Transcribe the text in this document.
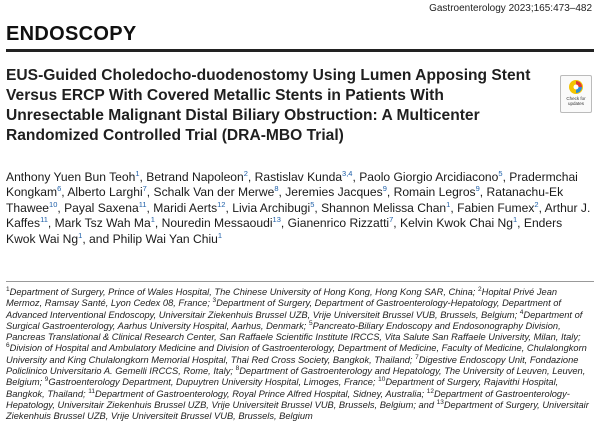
Gastroenterology 2023;165:473–482
ENDOSCOPY
EUS-Guided Choledocho-duodenostomy Using Lumen Apposing Stent Versus ERCP With Covered Metallic Stents in Patients With Unresectable Malignant Distal Biliary Obstruction: A Multicenter Randomized Controlled Trial (DRA-MBO Trial)
Check for updates
Anthony Yuen Bun Teoh$^1$, Betrand Napoleon$^2$, Rastislav Kunda$^{3,4}$, Paolo Giorgio Arcidiacono$^5$, Pradermchai Kongkam$^6$, Alberto Larghi$^7$, Schalk Van der Merwe$^8$, Jeremies Jacques$^9$, Romain Legros$^9$, Ratanachu-Ek Thawee$^{10}$, Payal Saxena$^{11}$, Maridi Aerts$^{12}$, Livia Archibugi$^5$, Shannon Melissa Chan$^1$, Fabien Fumex$^2$, Arthur J. Kaffes$^{11}$, Mark Tsz Wah Ma$^1$, Nouredin Messaoudi$^{13}$, Gianenrico Rizzatti$^7$, Kelvin Kwok Chai Ng$^1$, Enders Kwok Wai Ng$^1$, and Philip Wai Yan Chiu$^1$
$^1$Department of Surgery, Prince of Wales Hospital, The Chinese University of Hong Kong, Hong Kong SAR, China; $^2$Hopital Privé Jean Mermoz, Ramsay Santé, Lyon Cedex 08, France; $^3$Department of Surgery, Department of Gastroenterology-Hepatology, Department of Advanced Interventional Endoscopy, Universitair Ziekenhuis Brussel UZB, Vrije Universiteit Brussel VUB, Brussels, Belgium; $^4$Department of Surgical Gastroenterology, Aarhus University Hospital, Aarhus, Denmark; $^5$Pancreato-Biliary Endoscopy and Endosonography Division, Pancreas Translational & Clinical Research Center, San Raffaele Scientific Institute IRCCS, Vita Salute San Raffaele University, Milan, Italy; $^6$Division of Hospital and Ambulatory Medicine and Division of Gastroenterology, Department of Medicine, Faculty of Medicine, Chulalongkorn University and King Chulalongkorn Memorial Hospital, Thai Red Cross Society, Bangkok, Thailand; $^7$Digestive Endoscopy Unit, Fondazione Policlinico Universitario A. Gemelli IRCCS, Rome, Italy; $^8$Department of Gastroenterology and Hepatology, The University of Leuven, Leuven, Belgium; $^9$Gastroenterology Department, Dupuytren University Hospital, Limoges, France; $^{10}$Department of Surgery, Rajavithi Hospital, Bangkok, Thailand; $^{11}$Department of Gastroenterology, Royal Prince Alfred Hospital, Sidney, Australia; $^{12}$Department of Gastroenterology-Hepatology, Universitair Ziekenhuis Brussel UZB, Vrije Universiteit Brussel VUB, Brussels, Belgium; and $^{13}$Department of Surgery, Universitair Ziekenhuis Brussel UZB, Vrije Universiteit Brussel VUB, Brussels, Belgium
